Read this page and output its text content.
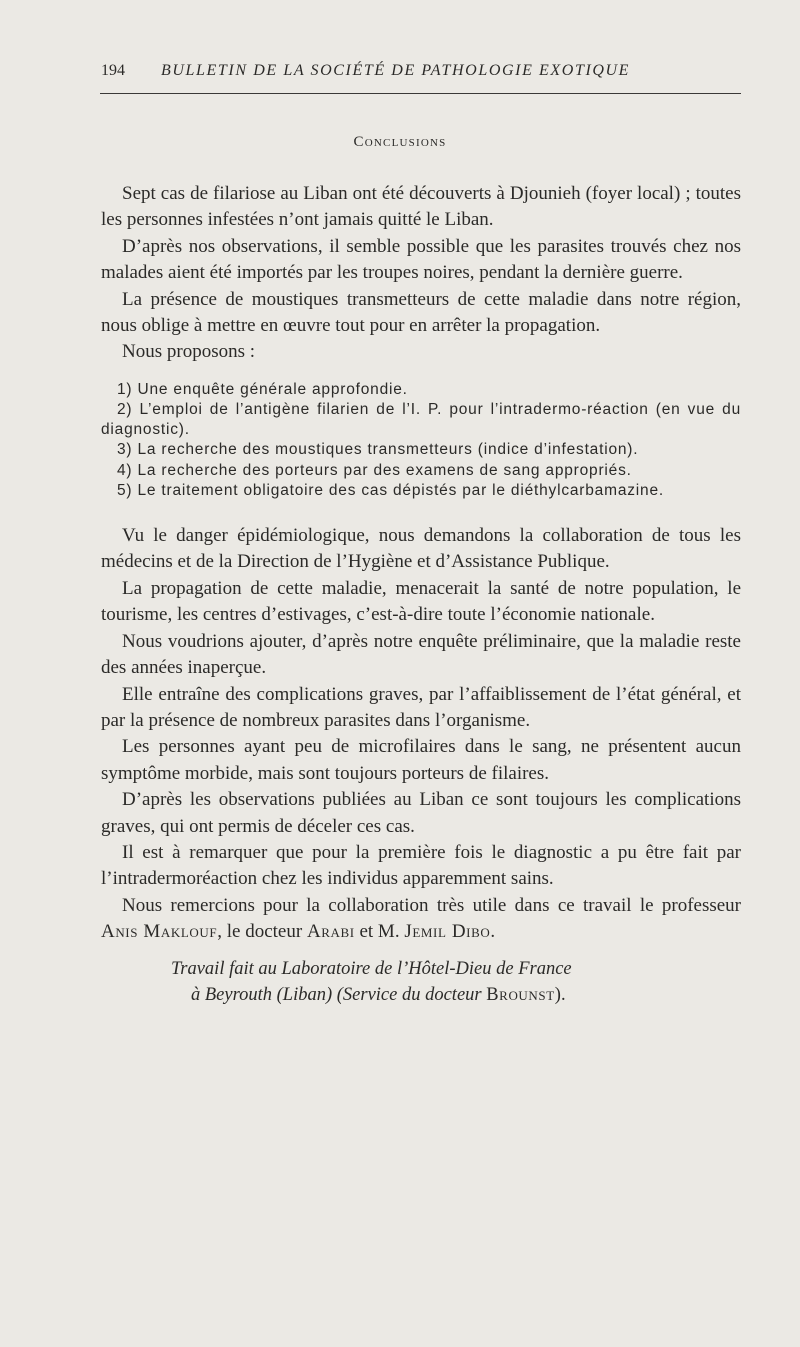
194	BULLETIN DE LA SOCIÉTÉ DE PATHOLOGIE EXOTIQUE
Conclusions

Sept cas de filariose au Liban ont été découverts à Djounieh (foyer local) ; toutes les personnes infestées n’ont jamais quitté le Liban.

D’après nos observations, il semble possible que les parasites trouvés chez nos malades aient été importés par les troupes noires, pendant la dernière guerre.

La présence de moustiques transmetteurs de cette maladie dans notre région, nous oblige à mettre en œuvre tout pour en arrêter la propagation.

Nous proposons :

1) Une enquête générale approfondie.

2) L’emploi de l’antigène filarien de l’I. P. pour l’intradermo-réaction (en vue du diagnostic).

3) La recherche des moustiques transmetteurs (indice d’infestation).

4) La recherche des porteurs par des examens de sang appropriés.

5) Le traitement obligatoire des cas dépistés par le diéthylcarbamazine.

Vu le danger épidémiologique, nous demandons la collaboration de tous les médecins et de la Direction de l’Hygiène et d’Assistance Publique.

La propagation de cette maladie, menacerait la santé de notre population, le tourisme, les centres d’estivages, c’est-à-dire toute l’économie nationale.

Nous voudrions ajouter, d’après notre enquête préliminaire, que la maladie reste des années inaperçue.

Elle entraîne des complications graves, par l’affaiblissement de l’état général, et par la présence de nombreux parasites dans l’organisme.

Les personnes ayant peu de microfilaires dans le sang, ne présentent aucun symptôme morbide, mais sont toujours porteurs de filaires.

D’après les observations publiées au Liban ce sont toujours les complications graves, qui ont permis de déceler ces cas.

Il est à remarquer que pour la première fois le diagnostic a pu être fait par l’intradermoréaction chez les individus apparemment sains.

Nous remercions pour la collaboration très utile dans ce travail le professeur Anis Maklouf, le docteur Arabi et M. Jemil Dibo.

Travail fait au Laboratoire de l’Hôtel-Dieu de France
à Beyrouth (Liban) (Service du docteur Brounst).
